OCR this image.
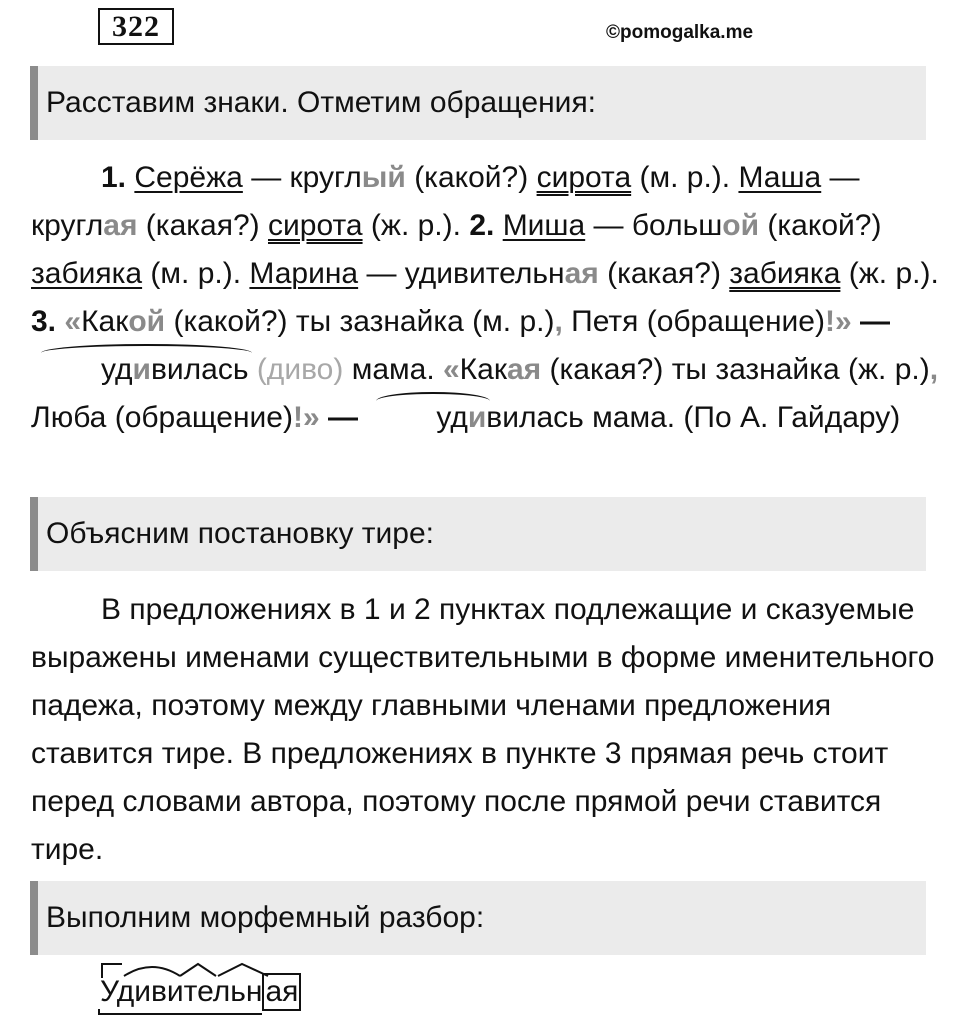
322	©pomogalka.me
Расставим знаки. Отметим обращения:

1. Серёжа — круглый (какой?) сирота (м. р.). Маша — круглая (какая?) сирота (ж. р.). 2. Миша — большой (какой?) забияка (м. р.). Марина — удивительная (какая?) забияка (ж. р.). 3. «Какой (какой?) ты зазнайка (м. р.), Петя (обращение)!» — удивилась (диво) мама. «Какая (какая?) ты зазнайка (ж. р.), Люба (обращение)!» — удивилась мама. (По А. Гайдару)

Объясним постановку тире:

В предложениях в 1 и 2 пунктах подлежащие и сказуемые выражены именами существительными в форме именительного падежа, поэтому между главными членами предложения ставится тире. В предложениях в пункте 3 прямая речь стоит перед словами автора, поэтому после прямой речи ставится тире.

Выполним морфемный разбор:
Удивительн ая
